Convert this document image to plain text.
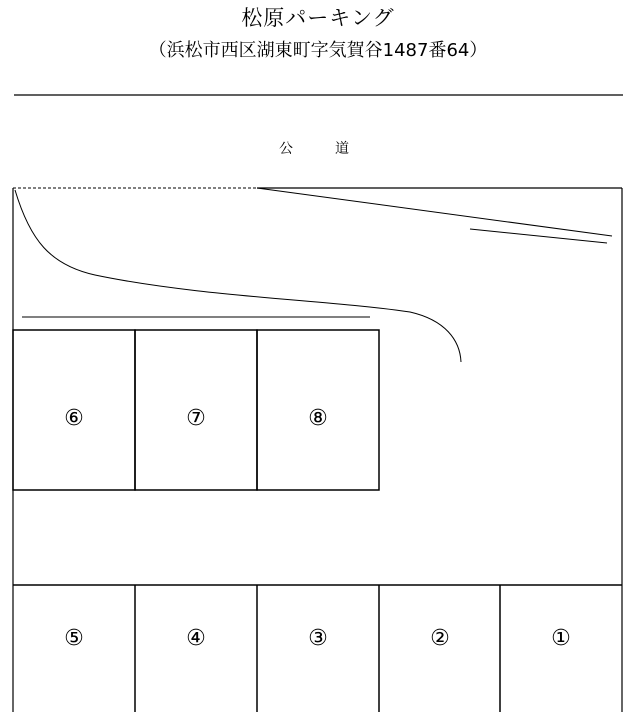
松原パーキング
（浜松市西区湖東町字気賀谷1487番64）
公　道
⑥	⑦	⑧
⑤	④	③	②	①
